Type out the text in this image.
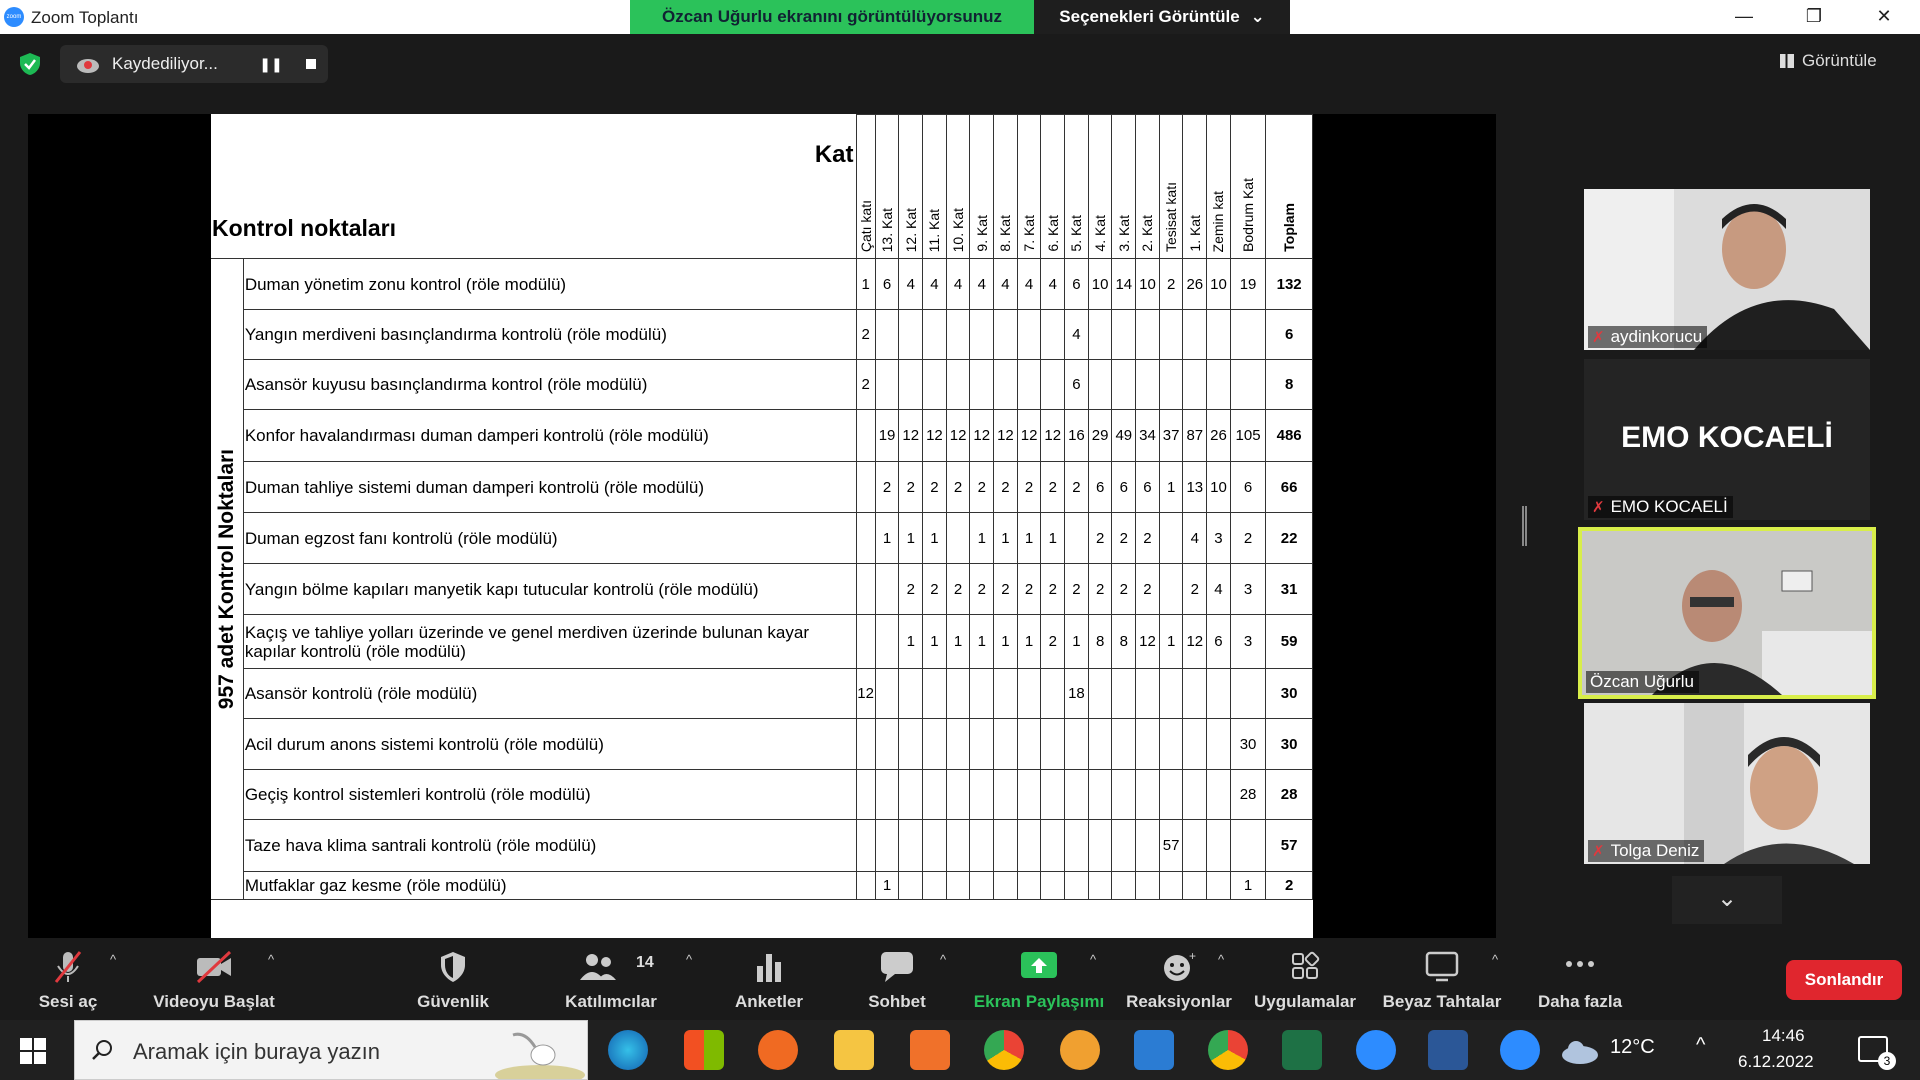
zoom Zoom Toplantı	Özcan Uğurlu ekranını görüntülüyorsunuz	Seçenekleri Görüntüle ⌄	—	❐	✕
Kaydediliyor...	❚❚	Görüntüle
Kat
Kontrol noktaları		Çatı katı	13. Kat	12. Kat	11. Kat	10. Kat	9. Kat	8. Kat	7. Kat	6. Kat	5. Kat	4. Kat	3. Kat	2. Kat	Tesisat katı	1. Kat	Zemin kat	Bodrum Kat	Toplam

957 adet Kontrol Noktaları	Duman yönetim zonu kontrol (röle modülü)	1	6	4	4	4	4	4	4	4	6	10	14	10	2	26	10	19	132
	Yangın merdiveni basınçlandırma kontrolü (röle modülü)	2									4								6
	Asansör kuyusu basınçlandırma kontrol (röle modülü)	2									6								8
	Konfor havalandırması duman damperi kontrolü (röle modülü)		19	12	12	12	12	12	12	12	16	29	49	34	37	87	26	105	486
	Duman tahliye sistemi duman damperi kontrolü (röle modülü)		2	2	2	2	2	2	2	2	2	6	6	6	1	13	10	6	66
	Duman egzost fanı kontrolü (röle modülü)		1	1	1		1	1	1	1		2	2	2		4	3	2	22
	Yangın bölme kapıları manyetik kapı tutucular kontrolü (röle modülü)			2	2	2	2	2	2	2	2	2	2	2		2	4	3	31
	Kaçış ve tahliye yolları üzerinde ve genel merdiven üzerinde bulunan kayar kapılar kontrolü (röle modülü)			1	1	1	1	1	1	2	1	8	8	12	1	12	6	3	59
	Asansör kontrolü (röle modülü)	12									18								30
	Acil durum anons sistemi kontrolü (röle modülü)																	30	30
	Geçiş kontrol sistemleri kontrolü (röle modülü)																	28	28
	Taze hava klima santrali kontrolü (röle modülü)														57				57
	Mutfaklar gaz kesme (röle modülü)		1															1	2
✗ aydinkorucu
EMO KOCAELİ
✗ EMO KOCAELİ
Özcan Uğurlu
✗ Tolga Deniz
⌄
Sesi aç
^
Videoyu Başlat
^
Güvenlik
14
Katılımcılar
^
Anketler	Sohbet
^
Ekran Paylaşımı
^	+
Reaksiyonlar
^
Uygulamalar Beyaz Tahtalar
^
Daha fazla
Sonlandır
Aramak için buraya yazın	12°C ^	14:46
6.12.2022	3
